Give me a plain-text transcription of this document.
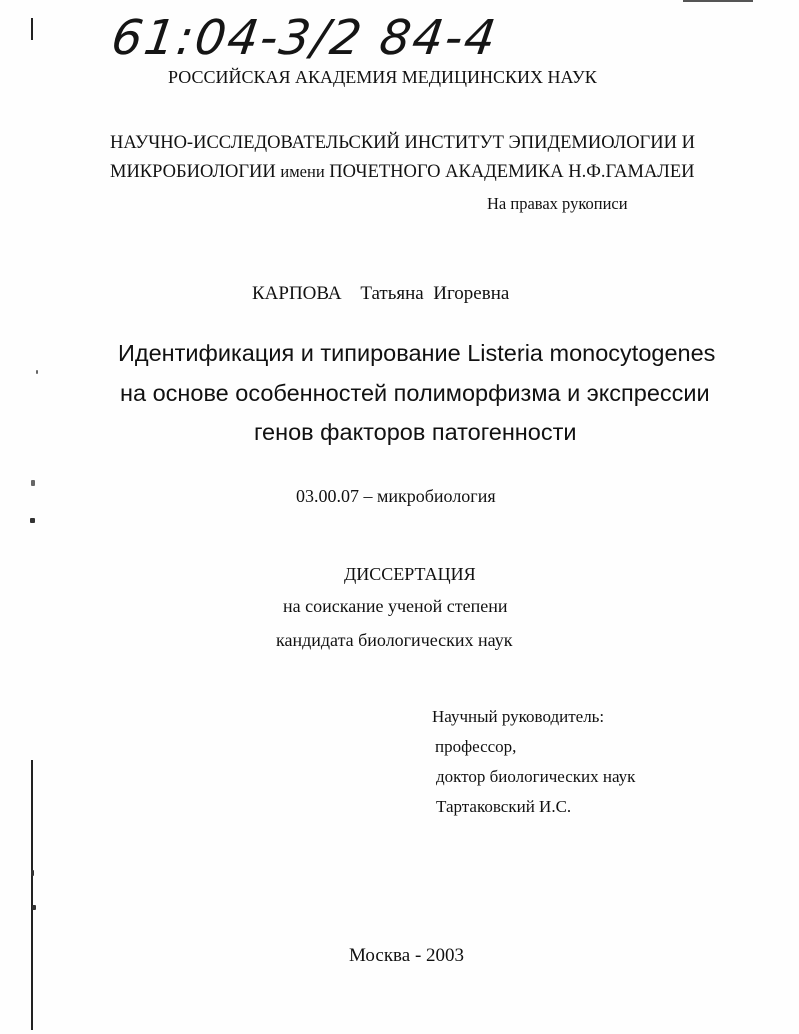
61:04-3/2 84-4
РОССИЙСКАЯ АКАДЕМИЯ МЕДИЦИНСКИХ НАУК
НАУЧНО-ИССЛЕДОВАТЕЛЬСКИЙ ИНСТИТУТ ЭПИДЕМИОЛОГИИ И
МИКРОБИОЛОГИИ имени ПОЧЕТНОГО АКАДЕМИКА Н.Ф.ГАМАЛЕИ
На правах рукописи
КАРПОВА Татьяна  Игоревна
Идентификация и типирование Listeria monocytogenes
на основе особенностей полиморфизма и экспрессии
генов факторов патогенности
03.00.07 – микробиология
ДИССЕРТАЦИЯ
на соискание ученой степени
кандидата биологических наук
Научный руководитель:
профессор,
доктор биологических наук
Тартаковский И.С.
Москва - 2003
